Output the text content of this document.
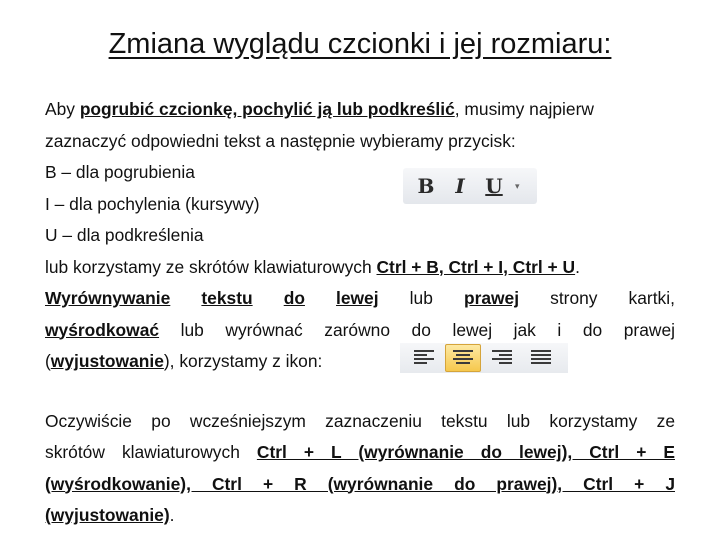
Zmiana wyglądu czcionki i jej rozmiaru:

Aby pogrubić czcionkę, pochylić ją lub podkreślić, musimy najpierw

zaznaczyć odpowiedni tekst a następnie wybieramy przycisk:

B – dla pogrubienia

I – dla pochylenia (kursywy)

U – dla podkreślenia

lub korzystamy ze skrótów klawiaturowych Ctrl + B, Ctrl + I, Ctrl + U.

Wyrównywanie tekstu do lewej lub prawej strony kartki,

wyśrodkować lub wyrównać zarówno do lewej jak i do prawej

(wyjustowanie), korzystamy z ikon:

Oczywiście po wcześniejszym zaznaczeniu tekstu lub korzystamy ze

skrótów klawiaturowych Ctrl + L (wyrównanie do lewej), Ctrl + E

(wyśrodkowanie), Ctrl + R (wyrównanie do prawej), Ctrl + J

(wyjustowanie).

B	I	U	▾
